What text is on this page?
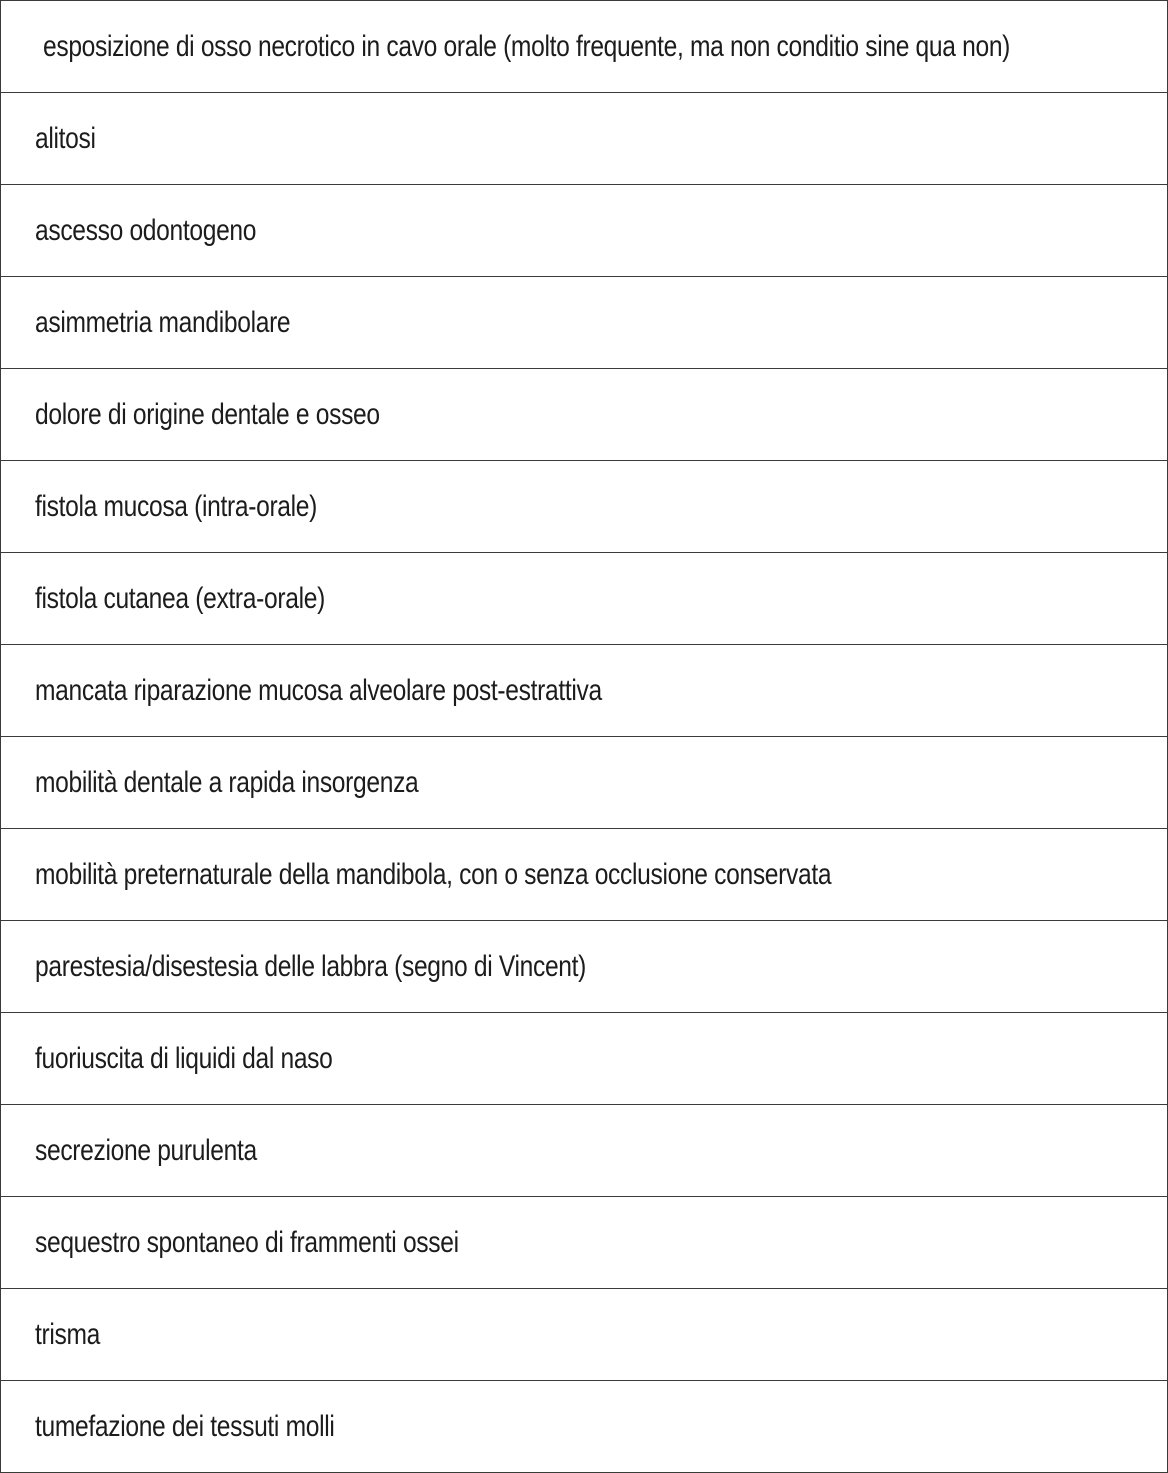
esposizione di osso necrotico in cavo orale (molto frequente, ma non conditio sine qua non)
alitosi
ascesso odontogeno
asimmetria mandibolare
dolore di origine dentale e osseo
fistola mucosa (intra-orale)
fistola cutanea (extra-orale)
mancata riparazione mucosa alveolare post-estrattiva
mobilità dentale a rapida insorgenza
mobilità preternaturale della mandibola, con o senza occlusione conservata
parestesia/disestesia delle labbra (segno di Vincent)
fuoriuscita di liquidi dal naso
secrezione purulenta
sequestro spontaneo di frammenti ossei
trisma
tumefazione dei tessuti molli
